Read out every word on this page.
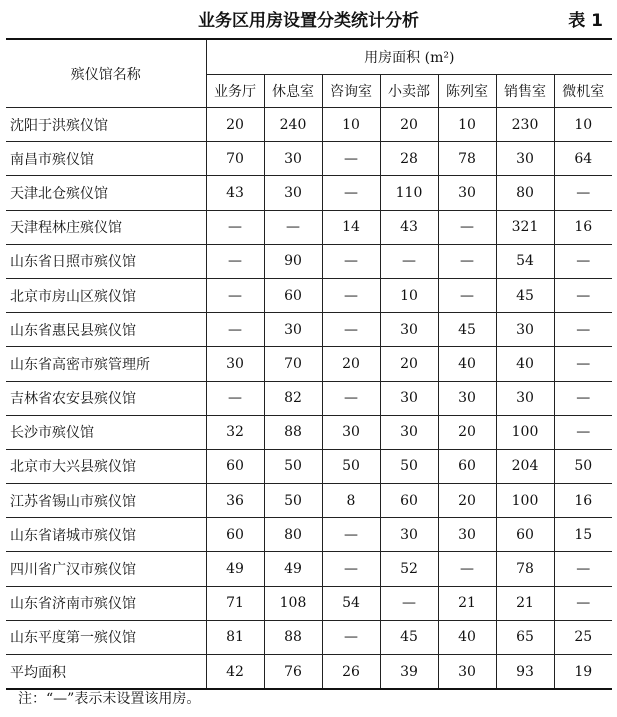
业务区用房设置分类统计分析	表 1
殡仪馆名称	用房面积 (m²)						
	业务厅	休息室	咨询室	小卖部	陈列室	销售室	微机室
沈阳于洪殡仪馆	20	240	10	20	10	230	10
南昌市殡仪馆	70	30	—	28	78	30	64
天津北仓殡仪馆	43	30	—	110	30	80	—
天津程林庄殡仪馆	—	—	14	43	—	321	16
山东省日照市殡仪馆	—	90	—	—	—	54	—
北京市房山区殡仪馆	—	60	—	10	—	45	—
山东省惠民县殡仪馆	—	30	—	30	45	30	—
山东省高密市殡管理所	30	70	20	20	40	40	—
吉林省农安县殡仪馆	—	82	—	30	30	30	—
长沙市殡仪馆	32	88	30	30	20	100	—
北京市大兴县殡仪馆	60	50	50	50	60	204	50
江苏省锡山市殡仪馆	36	50	8	60	20	100	16
山东省诸城市殡仪馆	60	80	—	30	30	60	15
四川省广汉市殡仪馆	49	49	—	52	—	78	—
山东省济南市殡仪馆	71	108	54	—	21	21	—
山东平度第一殡仪馆	81	88	—	45	40	65	25
平均面积	42	76	26	39	30	93	19
注：“—”表示未设置该用房。
